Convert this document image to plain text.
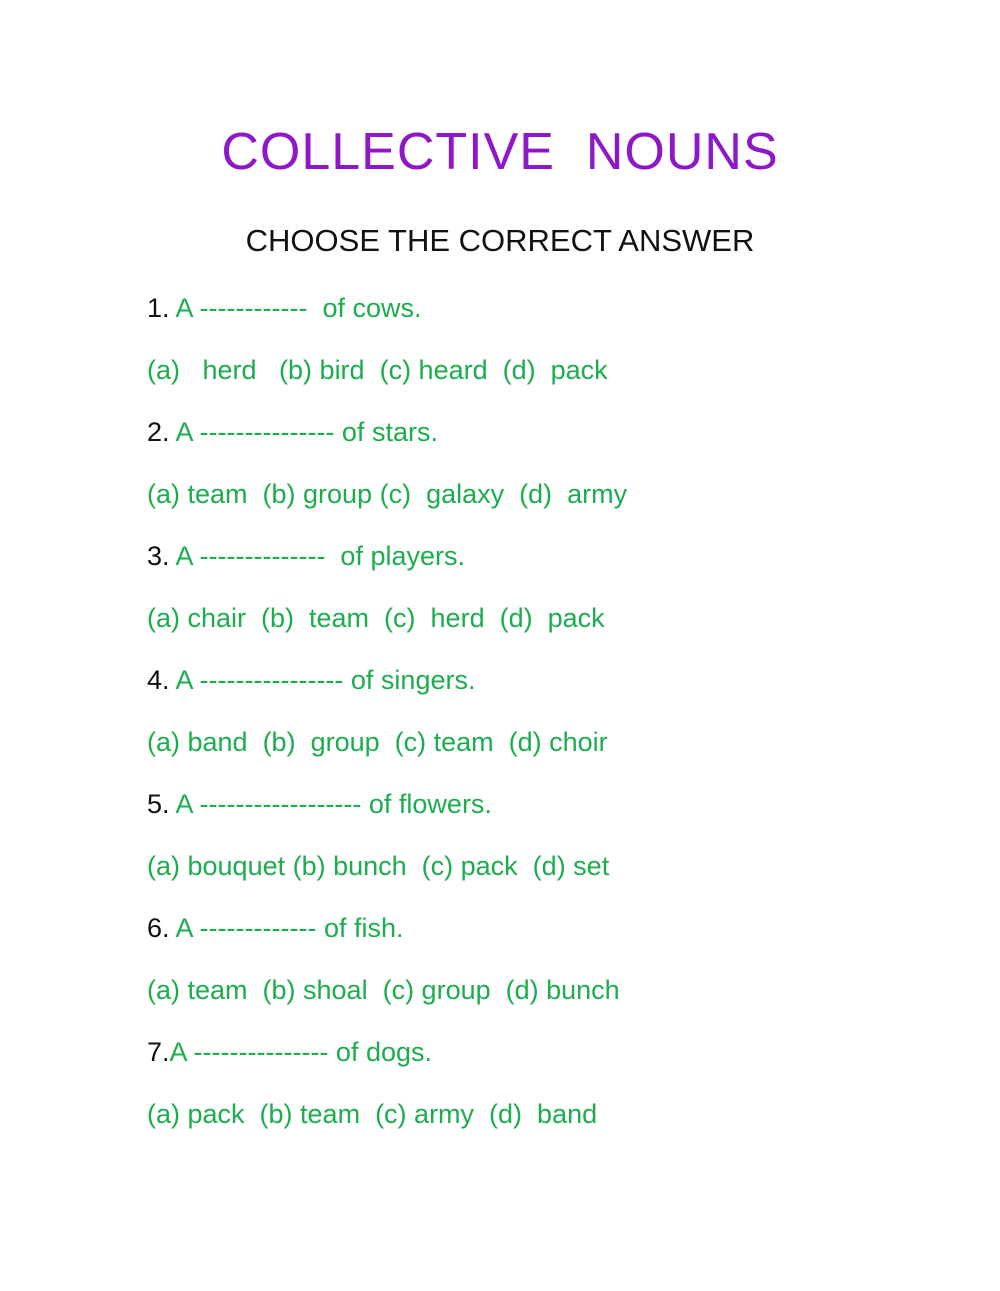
COLLECTIVE  NOUNS
CHOOSE THE CORRECT ANSWER
1. A ------------  of cows.
(a)   herd   (b) bird  (c) heard  (d)  pack
2. A --------------- of stars.
(a) team  (b) group (c)  galaxy  (d)  army
3. A --------------  of players.
(a) chair  (b)  team  (c)  herd  (d)  pack
4. A ---------------- of singers.
(a) band  (b)  group  (c) team  (d) choir
5. A ------------------ of flowers.
(a) bouquet (b) bunch  (c) pack  (d) set
6. A ------------- of fish.
(a) team  (b) shoal  (c) group  (d) bunch
7.A --------------- of dogs.
(a) pack  (b) team  (c) army  (d)  band
